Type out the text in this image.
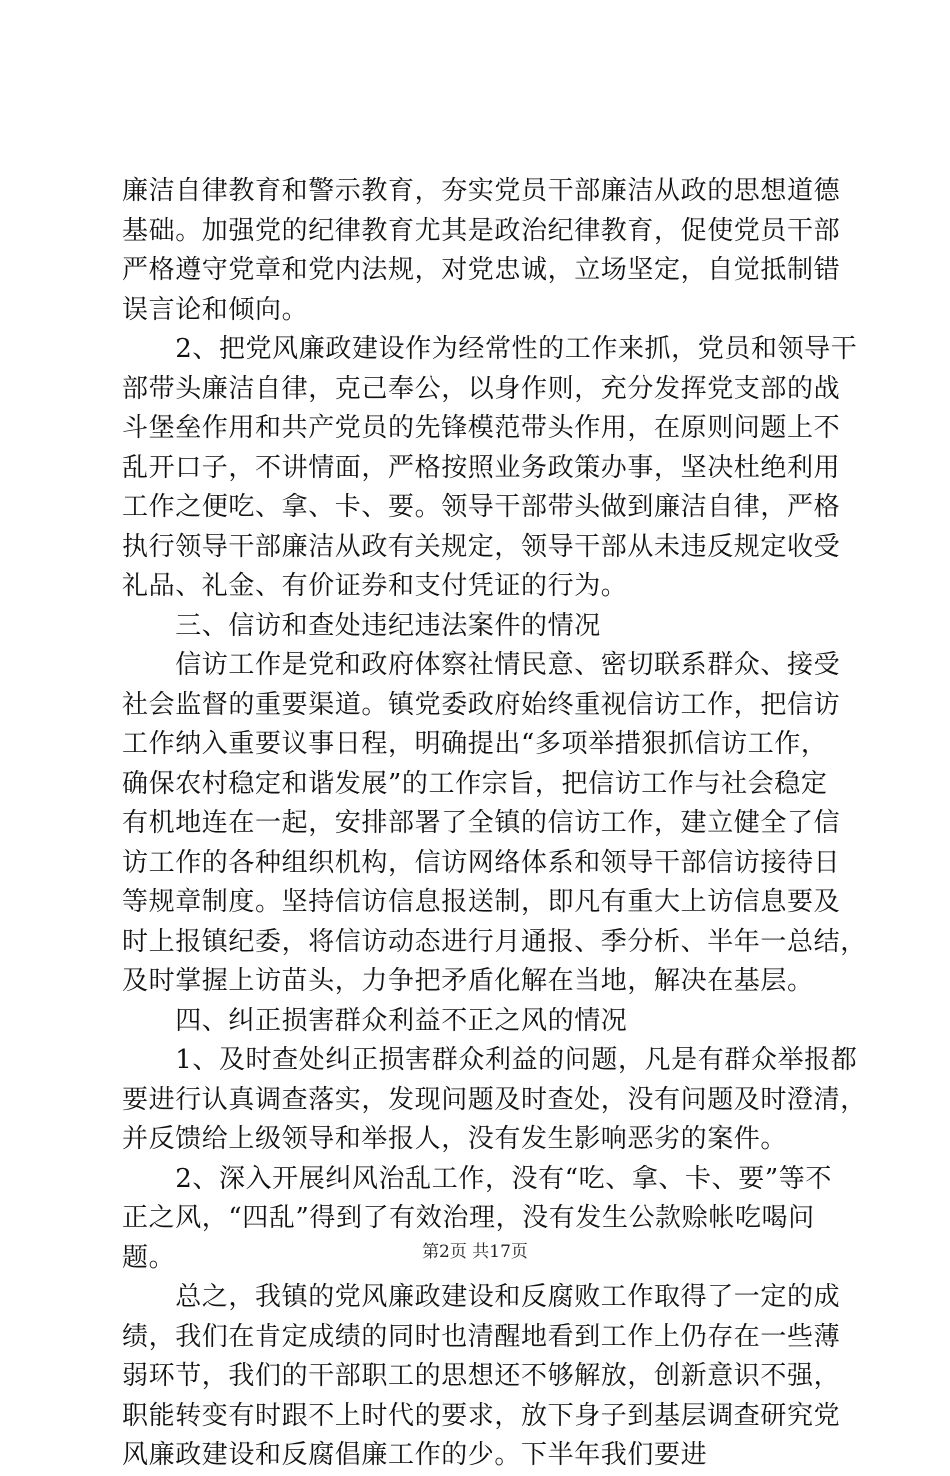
廉洁自律教育和警示教育，夯实党员干部廉洁从政的思想道德
基础。加强党的纪律教育尤其是政治纪律教育，促使党员干部
严格遵守党章和党内法规，对党忠诚，立场坚定，自觉抵制错
误言论和倾向。
　　2、把党风廉政建设作为经常性的工作来抓，党员和领导干
部带头廉洁自律，克己奉公，以身作则，充分发挥党支部的战
斗堡垒作用和共产党员的先锋模范带头作用，在原则问题上不
乱开口子，不讲情面，严格按照业务政策办事，坚决杜绝利用
工作之便吃、拿、卡、要。领导干部带头做到廉洁自律，严格
执行领导干部廉洁从政有关规定，领导干部从未违反规定收受
礼品、礼金、有价证券和支付凭证的行为。
　　三、信访和查处违纪违法案件的情况
　　信访工作是党和政府体察社情民意、密切联系群众、接受
社会监督的重要渠道。镇党委政府始终重视信访工作，把信访
工作纳入重要议事日程，明确提出“多项举措狠抓信访工作，
确保农村稳定和谐发展”的工作宗旨，把信访工作与社会稳定
有机地连在一起，安排部署了全镇的信访工作，建立健全了信
访工作的各种组织机构，信访网络体系和领导干部信访接待日
等规章制度。坚持信访信息报送制，即凡有重大上访信息要及
时上报镇纪委，将信访动态进行月通报、季分析、半年一总结，
及时掌握上访苗头，力争把矛盾化解在当地，解决在基层。
　　四、纠正损害群众利益不正之风的情况
　　1、及时查处纠正损害群众利益的问题，凡是有群众举报都
要进行认真调查落实，发现问题及时查处，没有问题及时澄清，
并反馈给上级领导和举报人，没有发生影响恶劣的案件。
　　2、深入开展纠风治乱工作，没有“吃、拿、卡、要”等不
正之风，“四乱”得到了有效治理，没有发生公款赊帐吃喝问
题。
　　总之，我镇的党风廉政建设和反腐败工作取得了一定的成
绩，我们在肯定成绩的同时也清醒地看到工作上仍存在一些薄
弱环节，我们的干部职工的思想还不够解放，创新意识不强，
职能转变有时跟不上时代的要求，放下身子到基层调查研究党
风廉政建设和反腐倡廉工作的少。下半年我们要进
第2页 共17页
